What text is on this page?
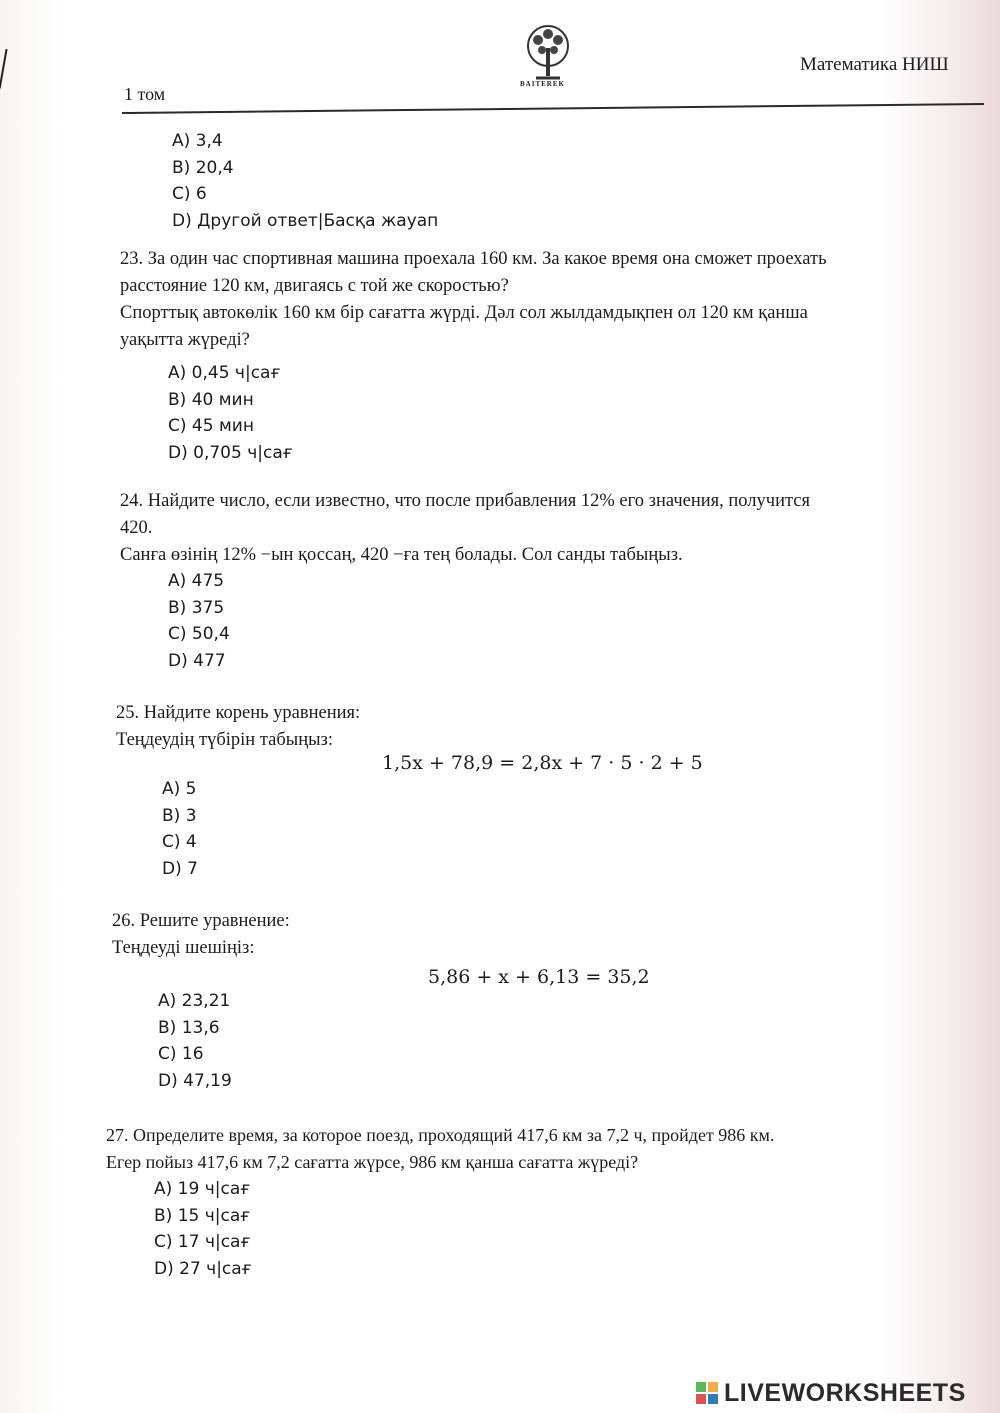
1 том	BAITEREK
Математика НИШ
A) 3,4
B) 20,4
C) 6
D) Другой ответ|Басқа жауап
23. За один час спортивная машина проехала 160 км. За какое время она сможет проехать
расстояние 120 км, двигаясь с той же скоростью?
Спорттық автокөлік 160 км бір сағатта жүрді. Дәл сол жылдамдықпен ол 120 км қанша
уақытта жүреді?
A) 0,45 ч|сағ
B) 40 мин
C) 45 мин
D) 0,705 ч|сағ
24. Найдите число, если известно, что после прибавления 12% его значения, получится
420.
Санға өзінің 12% −ын қоссаң, 420 −ға тең болады. Сол санды табыңыз.
A) 475
B) 375
C) 50,4
D) 477
25. Найдите корень уравнения:
Теңдеудің түбірін табыңыз:
1,5x + 78,9 = 2,8x + 7 · 5 · 2 + 5
A) 5
B) 3
C) 4
D) 7
26. Решите уравнение:
Теңдеуді шешіңіз:
5,86 + x + 6,13 = 35,2
A) 23,21
B) 13,6
C) 16
D) 47,19
27. Определите время, за которое поезд, проходящий 417,6 км за 7,2 ч, пройдет 986 км.
Егер пойыз 417,6 км 7,2 сағатта жүрсе, 986 км қанша сағатта жүреді?
A) 19 ч|сағ
B) 15 ч|сағ
C) 17 ч|сағ
D) 27 ч|сағ
LIVEWORKSHEETS
